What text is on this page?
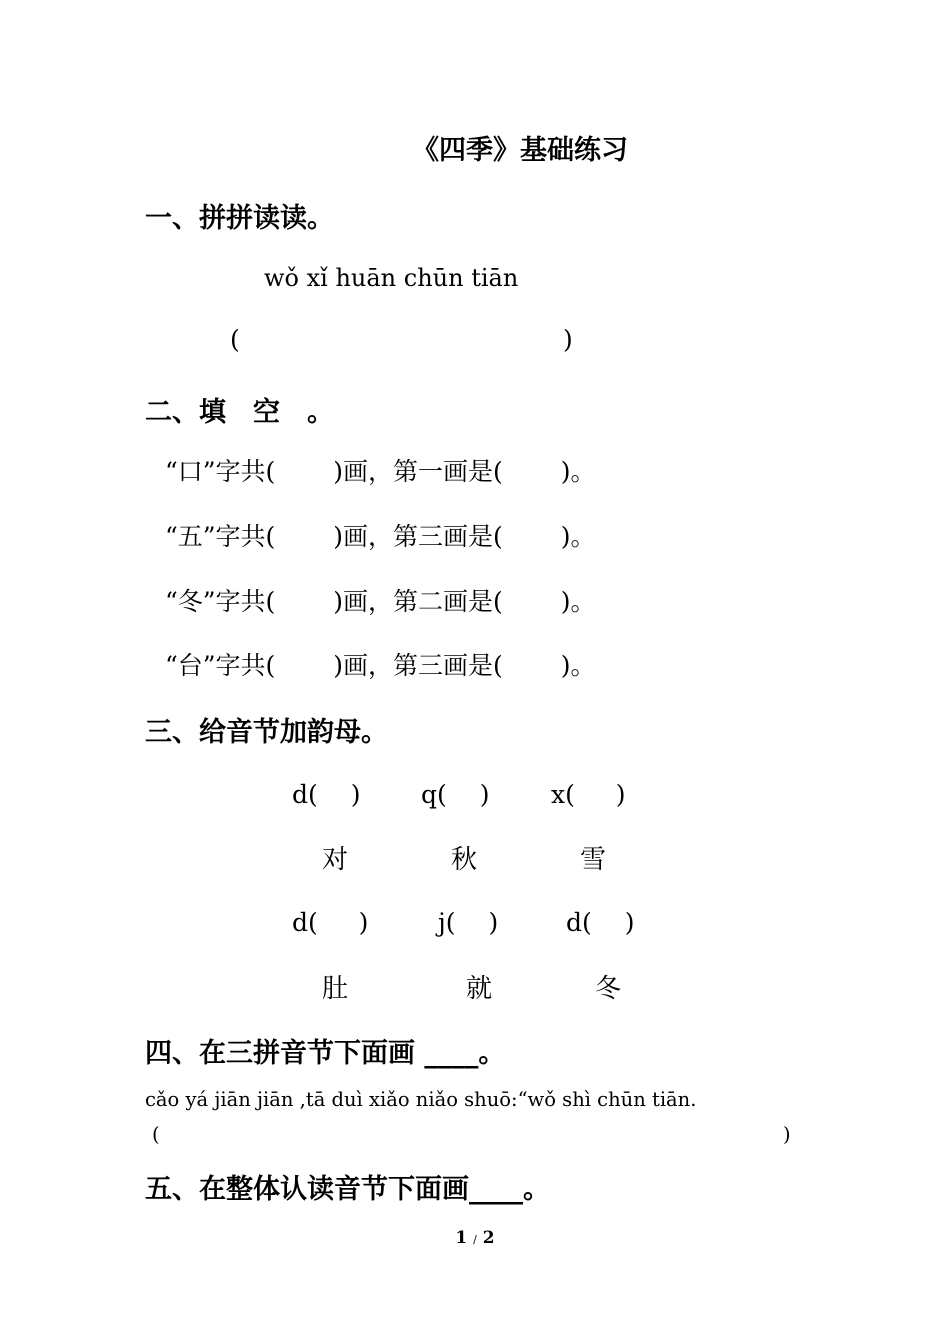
《四季》基础练习
一、拼拼读读。
wǒ xǐ huān chūn tiān
(	)
二、填　空　。
“口”字共(　 　)画，第一画是(　 　)。
“五”字共(　 　)画，第三画是(　 　)。
“冬”字共(　 　)画，第二画是(　 　)。
“台”字共(　 　)画，第三画是(　 　)。
三、给音节加韵母。
d(　 ) q(　 ) x(　  )
对	秋	雪
d(　  )	j(　 )	d(　 )
肚	就	冬
四、在三拼音节下面画 ____。
cǎo yá jiān jiān ,tā duì xiǎo niǎo shuō:“wǒ shì chūn tiān.
(	)
五、在整体认读音节下面画____。
1 / 2
